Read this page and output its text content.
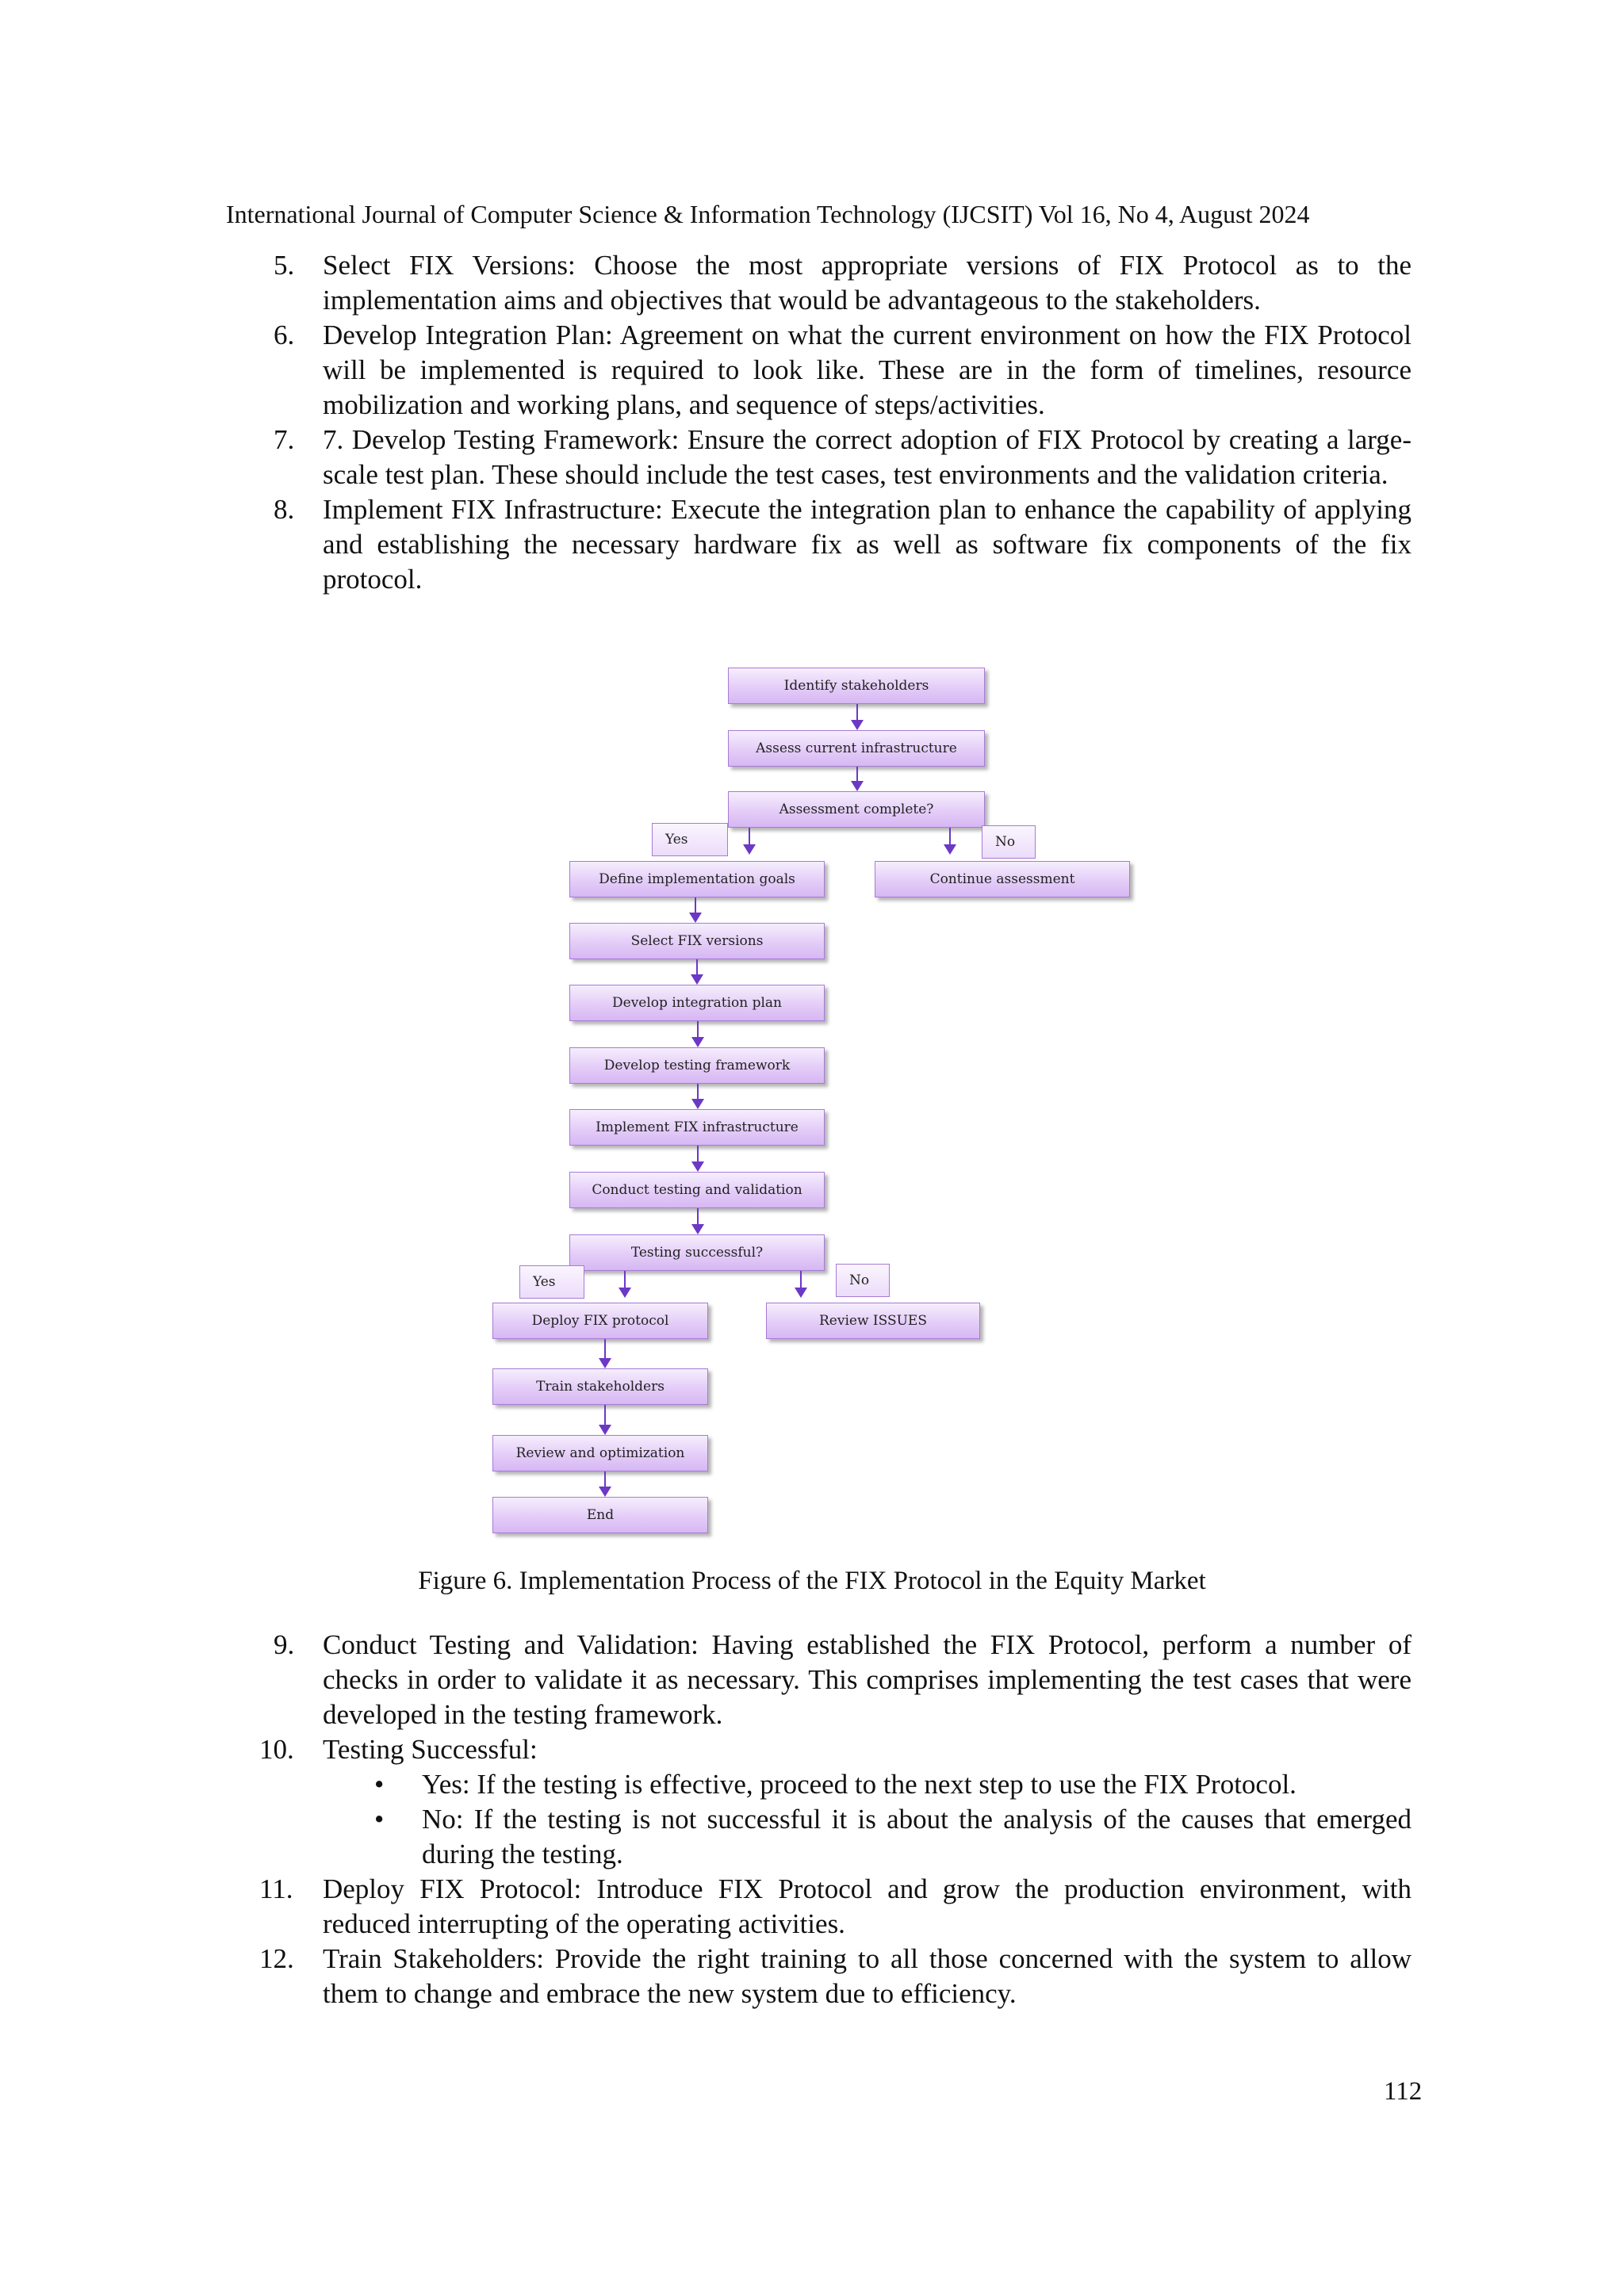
International Journal of Computer Science & Information Technology (IJCSIT) Vol 16, No 4, August 2024
5.	Select FIX Versions: Choose the most appropriate versions of FIX Protocol as to the implementation aims and objectives that would be advantageous to the stakeholders.
6.	Develop Integration Plan: Agreement on what the current environment on how the FIX Protocol will be implemented is required to look like. These are in the form of timelines, resource mobilization and working plans, and sequence of steps/activities.
7.	7. Develop Testing Framework: Ensure the correct adoption of FIX Protocol by creating a large-scale test plan. These should include the test cases, test environments and the validation criteria.
8.	Implement FIX Infrastructure: Execute the integration plan to enhance the capability of applying and establishing the necessary hardware fix as well as software fix components of the fix protocol.
Identify stakeholders
Assess current infrastructure
Assessment complete?
Yes	No
Define implementation goals	Continue assessment
Select FIX versions
Develop integration plan
Develop testing framework
Implement FIX infrastructure
Conduct testing and validation
Testing successful?
Yes	No
Deploy FIX protocol	Review ISSUES
Train stakeholders
Review and optimization
End
Figure 6. Implementation Process of the FIX Protocol in the Equity Market
9.	Conduct Testing and Validation: Having established the FIX Protocol, perform a number of checks in order to validate it as necessary. This comprises implementing the test cases that were developed in the testing framework.
10.	Testing Successful:
• Yes: If the testing is effective, proceed to the next step to use the FIX Protocol.
• No: If the testing is not successful it is about the analysis of the causes that emerged during the testing.
11.	Deploy FIX Protocol: Introduce FIX Protocol and grow the production environment, with reduced interrupting of the operating activities.
12.	Train Stakeholders: Provide the right training to all those concerned with the system to allow them to change and embrace the new system due to efficiency.
112
